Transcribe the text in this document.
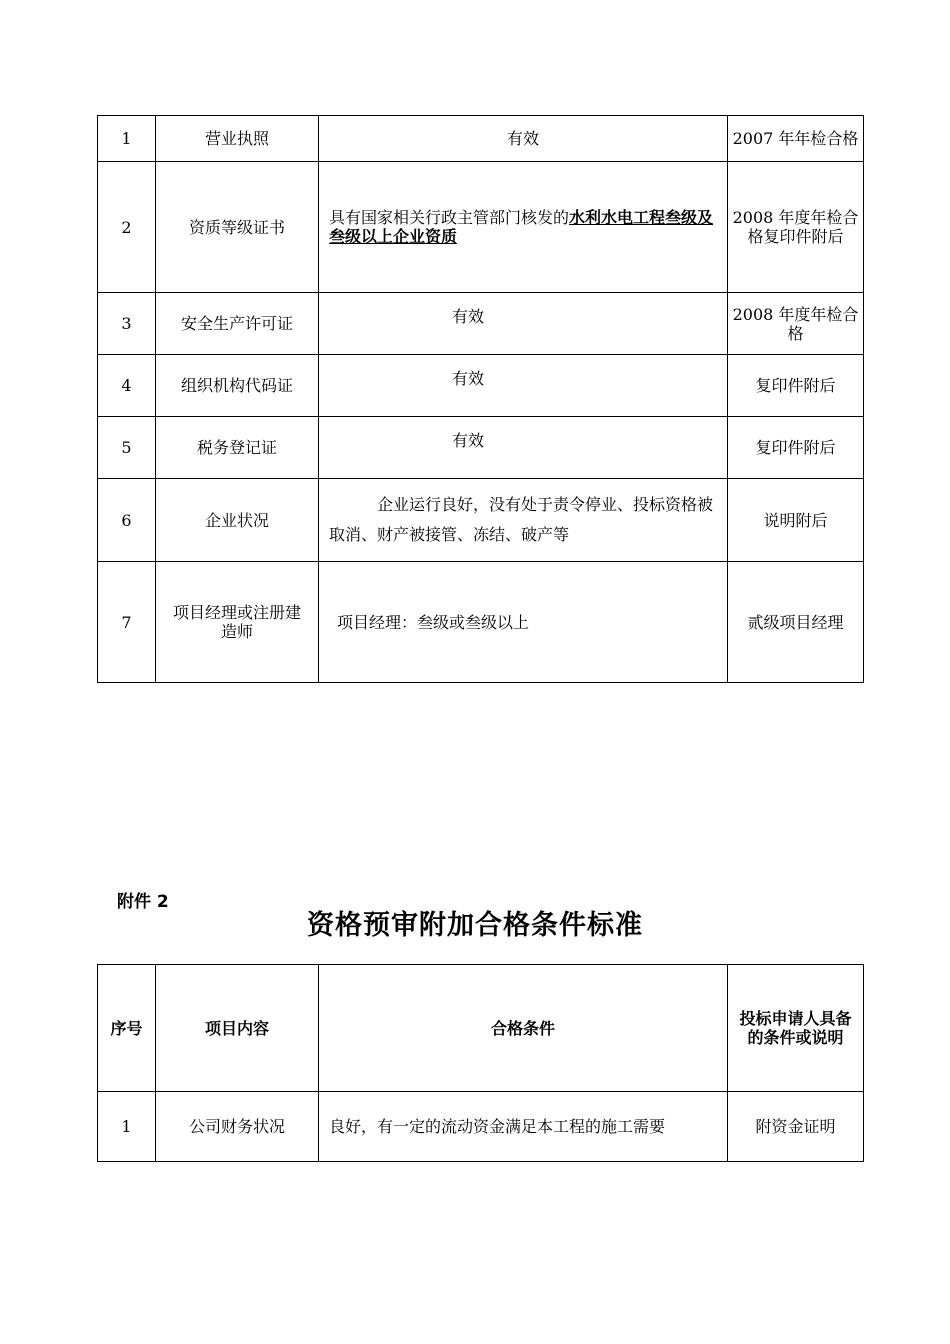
1	营业执照	有效	2007 年年检合格
2	资质等级证书	具有国家相关行政主管部门核发的水利水电工程叁级及叁级以上企业资质	2008 年度年检合格复印件附后
3	安全生产许可证	有效	2008 年度年检合格
4	组织机构代码证	有效	复印件附后
5	税务登记证	有效	复印件附后
6	企业状况	企业运行良好，没有处于责令停业、投标资格被取消、财产被接管、冻结、破产等	说明附后
7	项目经理或注册建造师	项目经理：叁级或叁级以上	贰级项目经理
附件 2
资格预审附加合格条件标准
序号	项目内容	合格条件	投标申请人具备的条件或说明
1	公司财务状况	良好，有一定的流动资金满足本工程的施工需要	附资金证明
